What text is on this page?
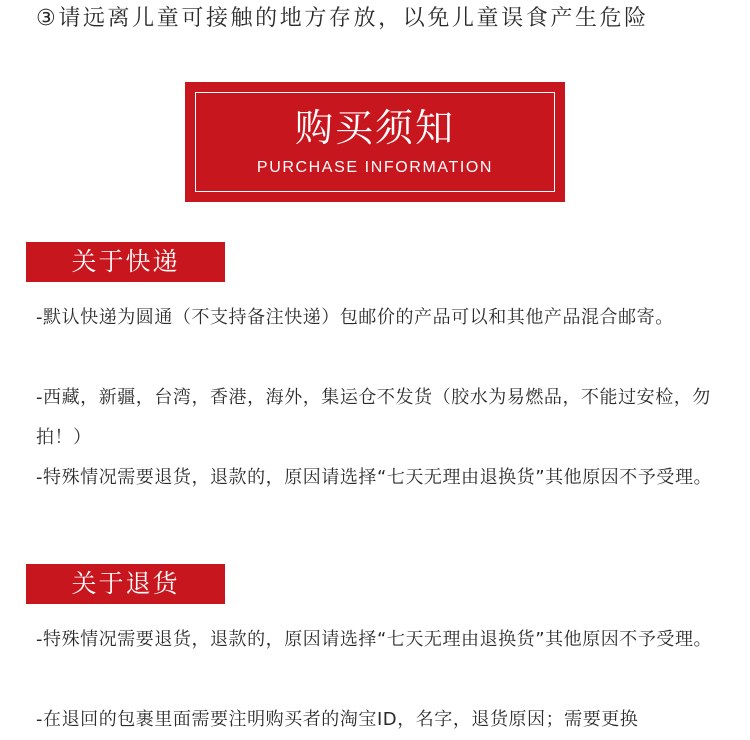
③请远离儿童可接触的地方存放，以免儿童误食产生危险
购买须知
PURCHASE INFORMATION
关于快递

-默认快递为圆通（不支持备注快递）包邮价的产品可以和其他产品混合邮寄。

-西藏，新疆，台湾，香港，海外，集运仓不发货（胶水为易燃品，不能过安检，勿拍！）

-特殊情况需要退货，退款的，原因请选择“七天无理由退换货”其他原因不予受理。

关于退货

-特殊情况需要退货，退款的，原因请选择“七天无理由退换货”其他原因不予受理。

-在退回的包裹里面需要注明购买者的淘宝ID，名字，退货原因；需要更换
